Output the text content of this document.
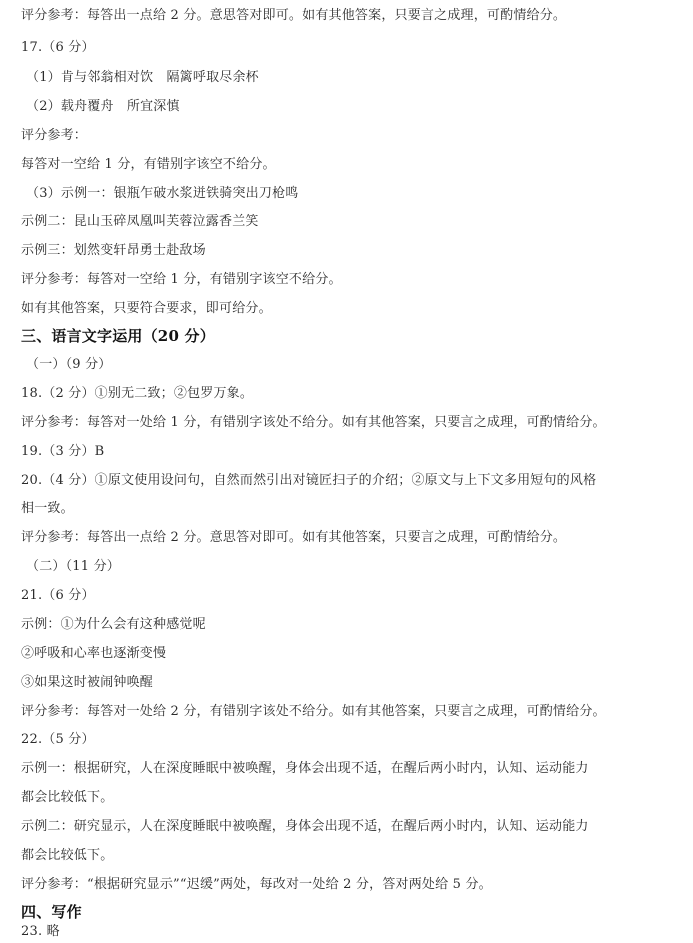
评分参考：每答出一点给 2 分。意思答对即可。如有其他答案，只要言之成理，可酌情给分。
17.（6 分）
（1）肯与邻翁相对饮　隔篱呼取尽余杯
（2）载舟覆舟　所宜深慎
评分参考：
每答对一空给 1 分，有错别字该空不给分。
（3）示例一：银瓶乍破水浆迸铁骑突出刀枪鸣
示例二：昆山玉碎凤凰叫芙蓉泣露香兰笑
示例三：划然变轩昂勇士赴敌场
评分参考：每答对一空给 1 分，有错别字该空不给分。
如有其他答案，只要符合要求，即可给分。
三、语言文字运用（20 分）
（一）（9 分）
18.（2 分）①别无二致；②包罗万象。
评分参考：每答对一处给 1 分，有错别字该处不给分。如有其他答案，只要言之成理，可酌情给分。
19.（3 分）B
20.（4 分）①原文使用设问句，自然而然引出对镜匠扫子的介绍；②原文与上下文多用短句的风格
相一致。
评分参考：每答出一点给 2 分。意思答对即可。如有其他答案，只要言之成理，可酌情给分。
（二）（11 分）
21.（6 分）
示例：①为什么会有这种感觉呢
②呼吸和心率也逐渐变慢
③如果这时被闹钟唤醒
评分参考：每答对一处给 2 分，有错别字该处不给分。如有其他答案，只要言之成理，可酌情给分。
22.（5 分）
示例一：根据研究，人在深度睡眠中被唤醒，身体会出现不适，在醒后两小时内，认知、运动能力
都会比较低下。
示例二：研究显示，人在深度睡眠中被唤醒，身体会出现不适，在醒后两小时内，认知、运动能力
都会比较低下。
评分参考：“根据研究显示”“迟缓”两处，每改对一处给 2 分，答对两处给 5 分。
四、写作
23. 略
